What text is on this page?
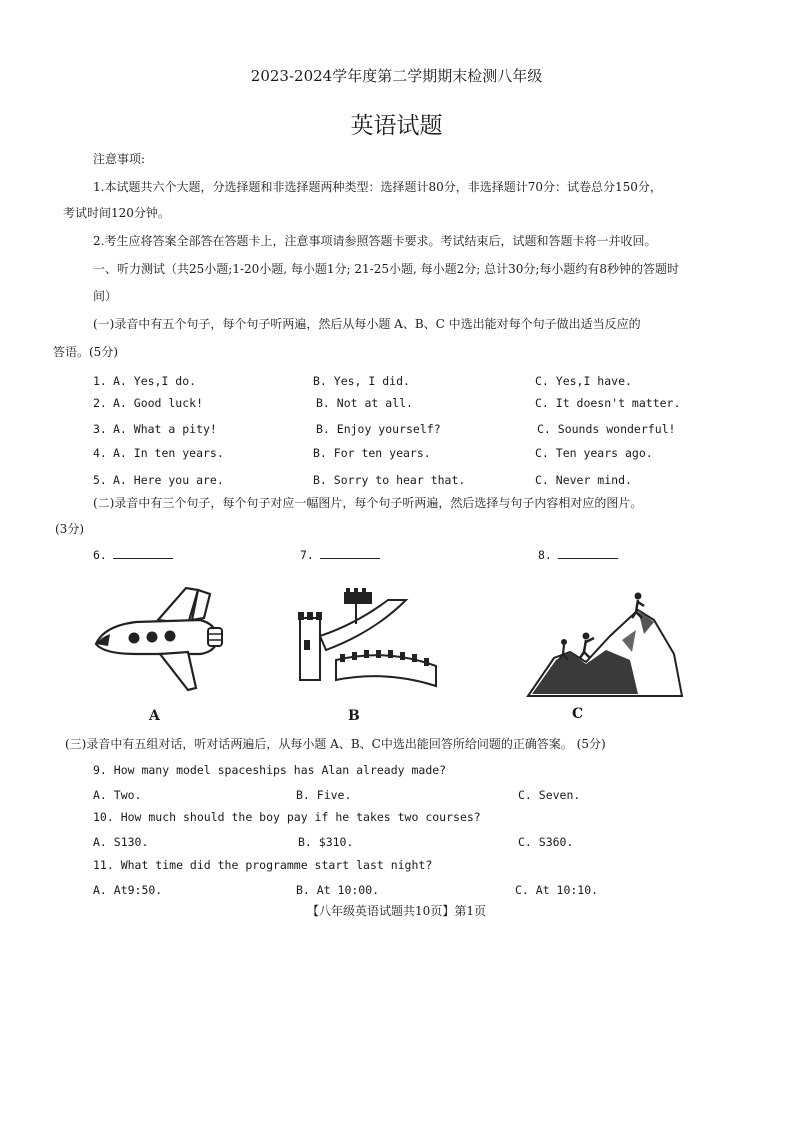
2023-2024学年度第二学期期末检测八年级
英语试题
注意事项:
1.本试题共六个大题，分选择题和非选择题两种类型：选择题计80分，非选择题计70分：试卷总分150分，
考试时间120分钟。
2.考生应将答案全部答在答题卡上，注意事项请参照答题卡要求。考试结束后，试题和答题卡将一并收回。
一、听力测试（共25小题;1-20小题, 每小题1分; 21-25小题, 每小题2分; 总计30分;每小题约有8秒钟的答题时
间）
(一)录音中有五个句子，每个句子听两遍，然后从每小题 A、B、C 中选出能对每个句子做出适当反应的
答语。(5分)
1. A. Yes,I do.	B. Yes, I did.	C. Yes,I have.
2. A. Good luck!	B. Not at all.	C. It doesn't matter.
3. A. What a pity!	B. Enjoy yourself?	C. Sounds wonderful!
4. A. In ten years.	B. For ten years.	C. Ten years ago.
5. A. Here you are.	B. Sorry to hear that.	C. Never mind.
(二)录音中有三个句子，每个句子对应一幅图片，每个句子听两遍，然后选择与句子内容相对应的图片。
(3分)
6.	7.	8.
A	B	C
(三)录音中有五组对话，听对话两遍后，从每小题 A、B、C中选出能回答所给问题的正确答案。 (5分)
9. How many model spaceships has Alan already made?
A. Two.	B. Five.	C. Seven.
10. How much should the boy pay if he takes two courses?
A. S130.	B. $310.	C. S360.
11. What time did the programme start last night?
A. At9:50.	B. At 10:00.	C. At 10:10.
【八年级英语试题共10页】第1页
